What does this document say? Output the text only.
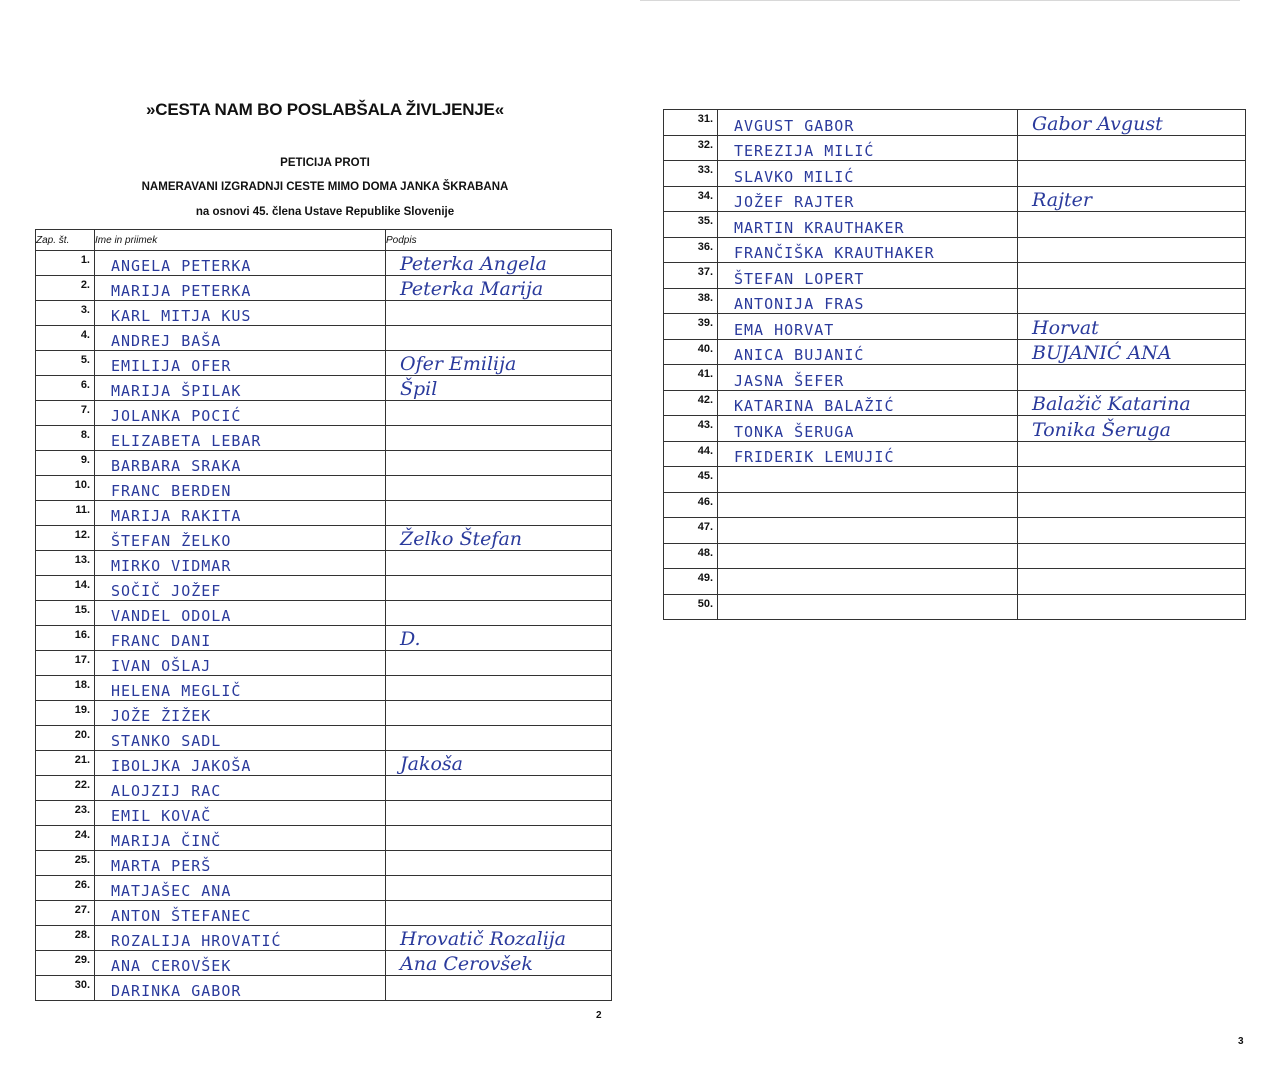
»CESTA NAM BO POSLABŠALA ŽIVLJENJE«
PETICIJA PROTI
NAMERAVANI IZGRADNJI CESTE MIMO DOMA JANKA ŠKRABANA
na osnovi 45. člena Ustave Republike Slovenije
Zap. št.	Ime in priimek	Podpis
1.	ANGELA PETERKA	Peterka Angela
2.	MARIJA PETERKA	Peterka Marija
3.	KARL MITJA KUS	
4.	ANDREJ BAŠA	
5.	EMILIJA OFER	Ofer Emilija
6.	MARIJA ŠPILAK	Špil
7.	JOLANKA POCIĆ	
8.	ELIZABETA LEBAR	
9.	BARBARA SRAKA	
10.	FRANC BERDEN	
11.	MARIJA RAKITA	
12.	ŠTEFAN ŽELKO	Želko Štefan
13.	MIRKO VIDMAR	
14.	SOČIČ JOŽEF	
15.	VANDEL ODOLA	
16.	FRANC DANI	D.
17.	IVAN OŠLAJ	
18.	HELENA MEGLIČ	
19.	JOŽE ŽIŽEK	
20.	STANKO SADL	
21.	IBOLJKA JAKOŠA	Jakoša
22.	ALOJZIJ RAC	
23.	EMIL KOVAČ	
24.	MARIJA ČINČ	
25.	MARTA PERŠ	
26.	MATJAŠEC ANA	
27.	ANTON ŠTEFANEC	
28.	ROZALIJA HROVATIĆ	Hrovatič Rozalija
29.	ANA CEROVŠEK	Ana Cerovšek
30.	DARINKA GABOR	
2
31.	AVGUST GABOR	Gabor Avgust
32.	TEREZIJA MILIĆ	
33.	SLAVKO MILIĆ	
34.	JOŽEF RAJTER	Rajter
35.	MARTIN KRAUTHAKER	
36.	FRANČIŠKA KRAUTHAKER	
37.	ŠTEFAN LOPERT	
38.	ANTONIJA FRAS	
39.	EMA HORVAT	Horvat
40.	ANICA BUJANIĆ	BUJANIĆ ANA
41.	JASNA ŠEFER	
42.	KATARINA BALAŽIĆ	Balažič Katarina
43.	TONKA ŠERUGA	Tonika Šeruga
44.	FRIDERIK LEMUJIĆ	
45.		
46.		
47.		
48.		
49.		
50.		
3
